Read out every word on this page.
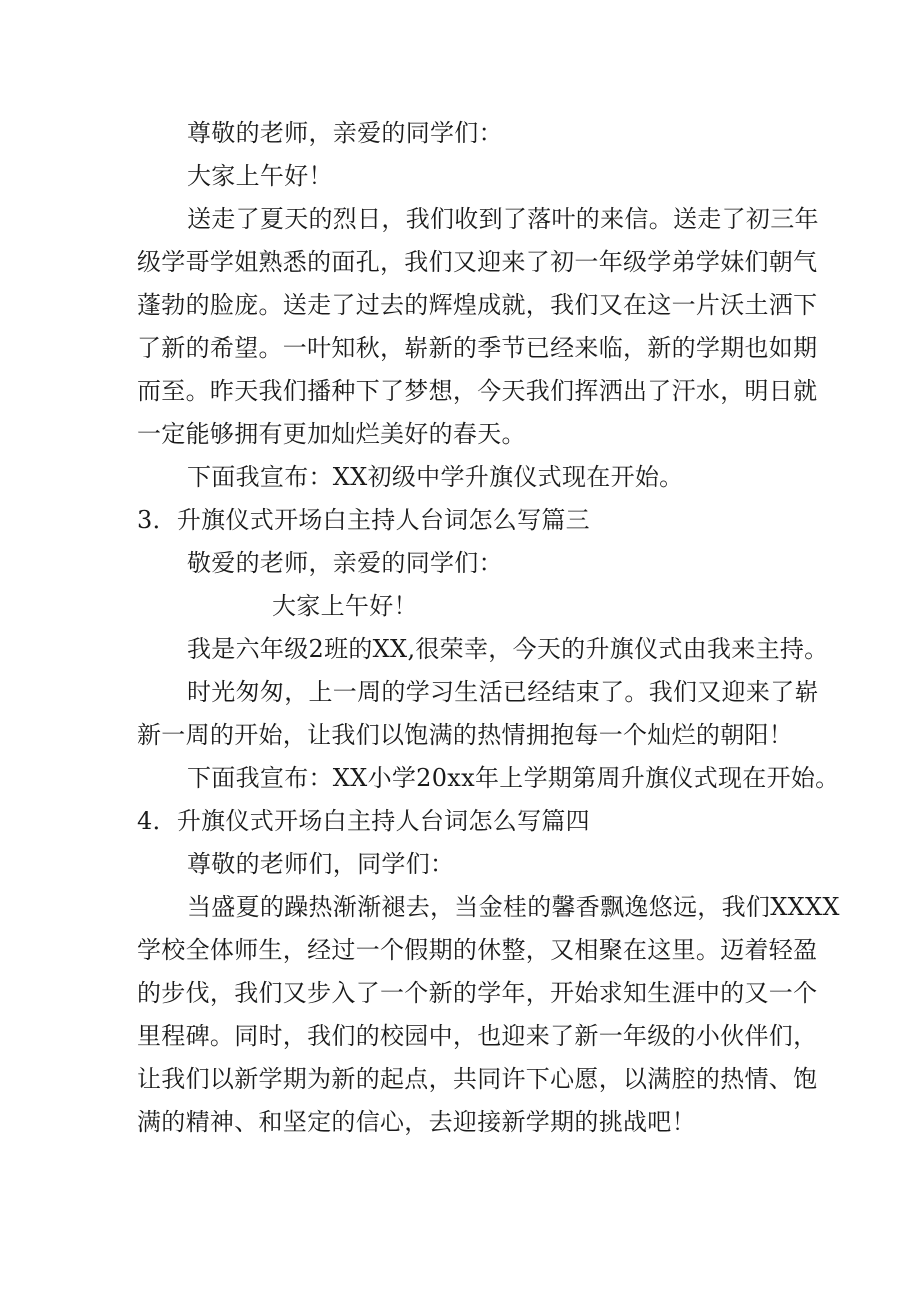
尊敬的老师，亲爱的同学们：
大家上午好！
送走了夏天的烈日，我们收到了落叶的来信。送走了初三年
级学哥学姐熟悉的面孔，我们又迎来了初一年级学弟学妹们朝气
蓬勃的脸庞。送走了过去的辉煌成就，我们又在这一片沃土洒下
了新的希望。一叶知秋，崭新的季节已经来临，新的学期也如期
而至。昨天我们播种下了梦想，今天我们挥洒出了汗水，明日就
一定能够拥有更加灿烂美好的春天。
下面我宣布：XX初级中学升旗仪式现在开始。
3．升旗仪式开场白主持人台词怎么写篇三
敬爱的老师，亲爱的同学们：
大家上午好！
我是六年级2班的XX,很荣幸，今天的升旗仪式由我来主持。
时光匆匆，上一周的学习生活已经结束了。我们又迎来了崭
新一周的开始，让我们以饱满的热情拥抱每一个灿烂的朝阳！
下面我宣布：XX小学20xx年上学期第周升旗仪式现在开始。
4．升旗仪式开场白主持人台词怎么写篇四
尊敬的老师们，同学们：
当盛夏的躁热渐渐褪去，当金桂的馨香飘逸悠远，我们XXXX
学校全体师生，经过一个假期的休整，又相聚在这里。迈着轻盈
的步伐，我们又步入了一个新的学年，开始求知生涯中的又一个
里程碑。同时，我们的校园中，也迎来了新一年级的小伙伴们，
让我们以新学期为新的起点，共同许下心愿，以满腔的热情、饱
满的精神、和坚定的信心，去迎接新学期的挑战吧！
